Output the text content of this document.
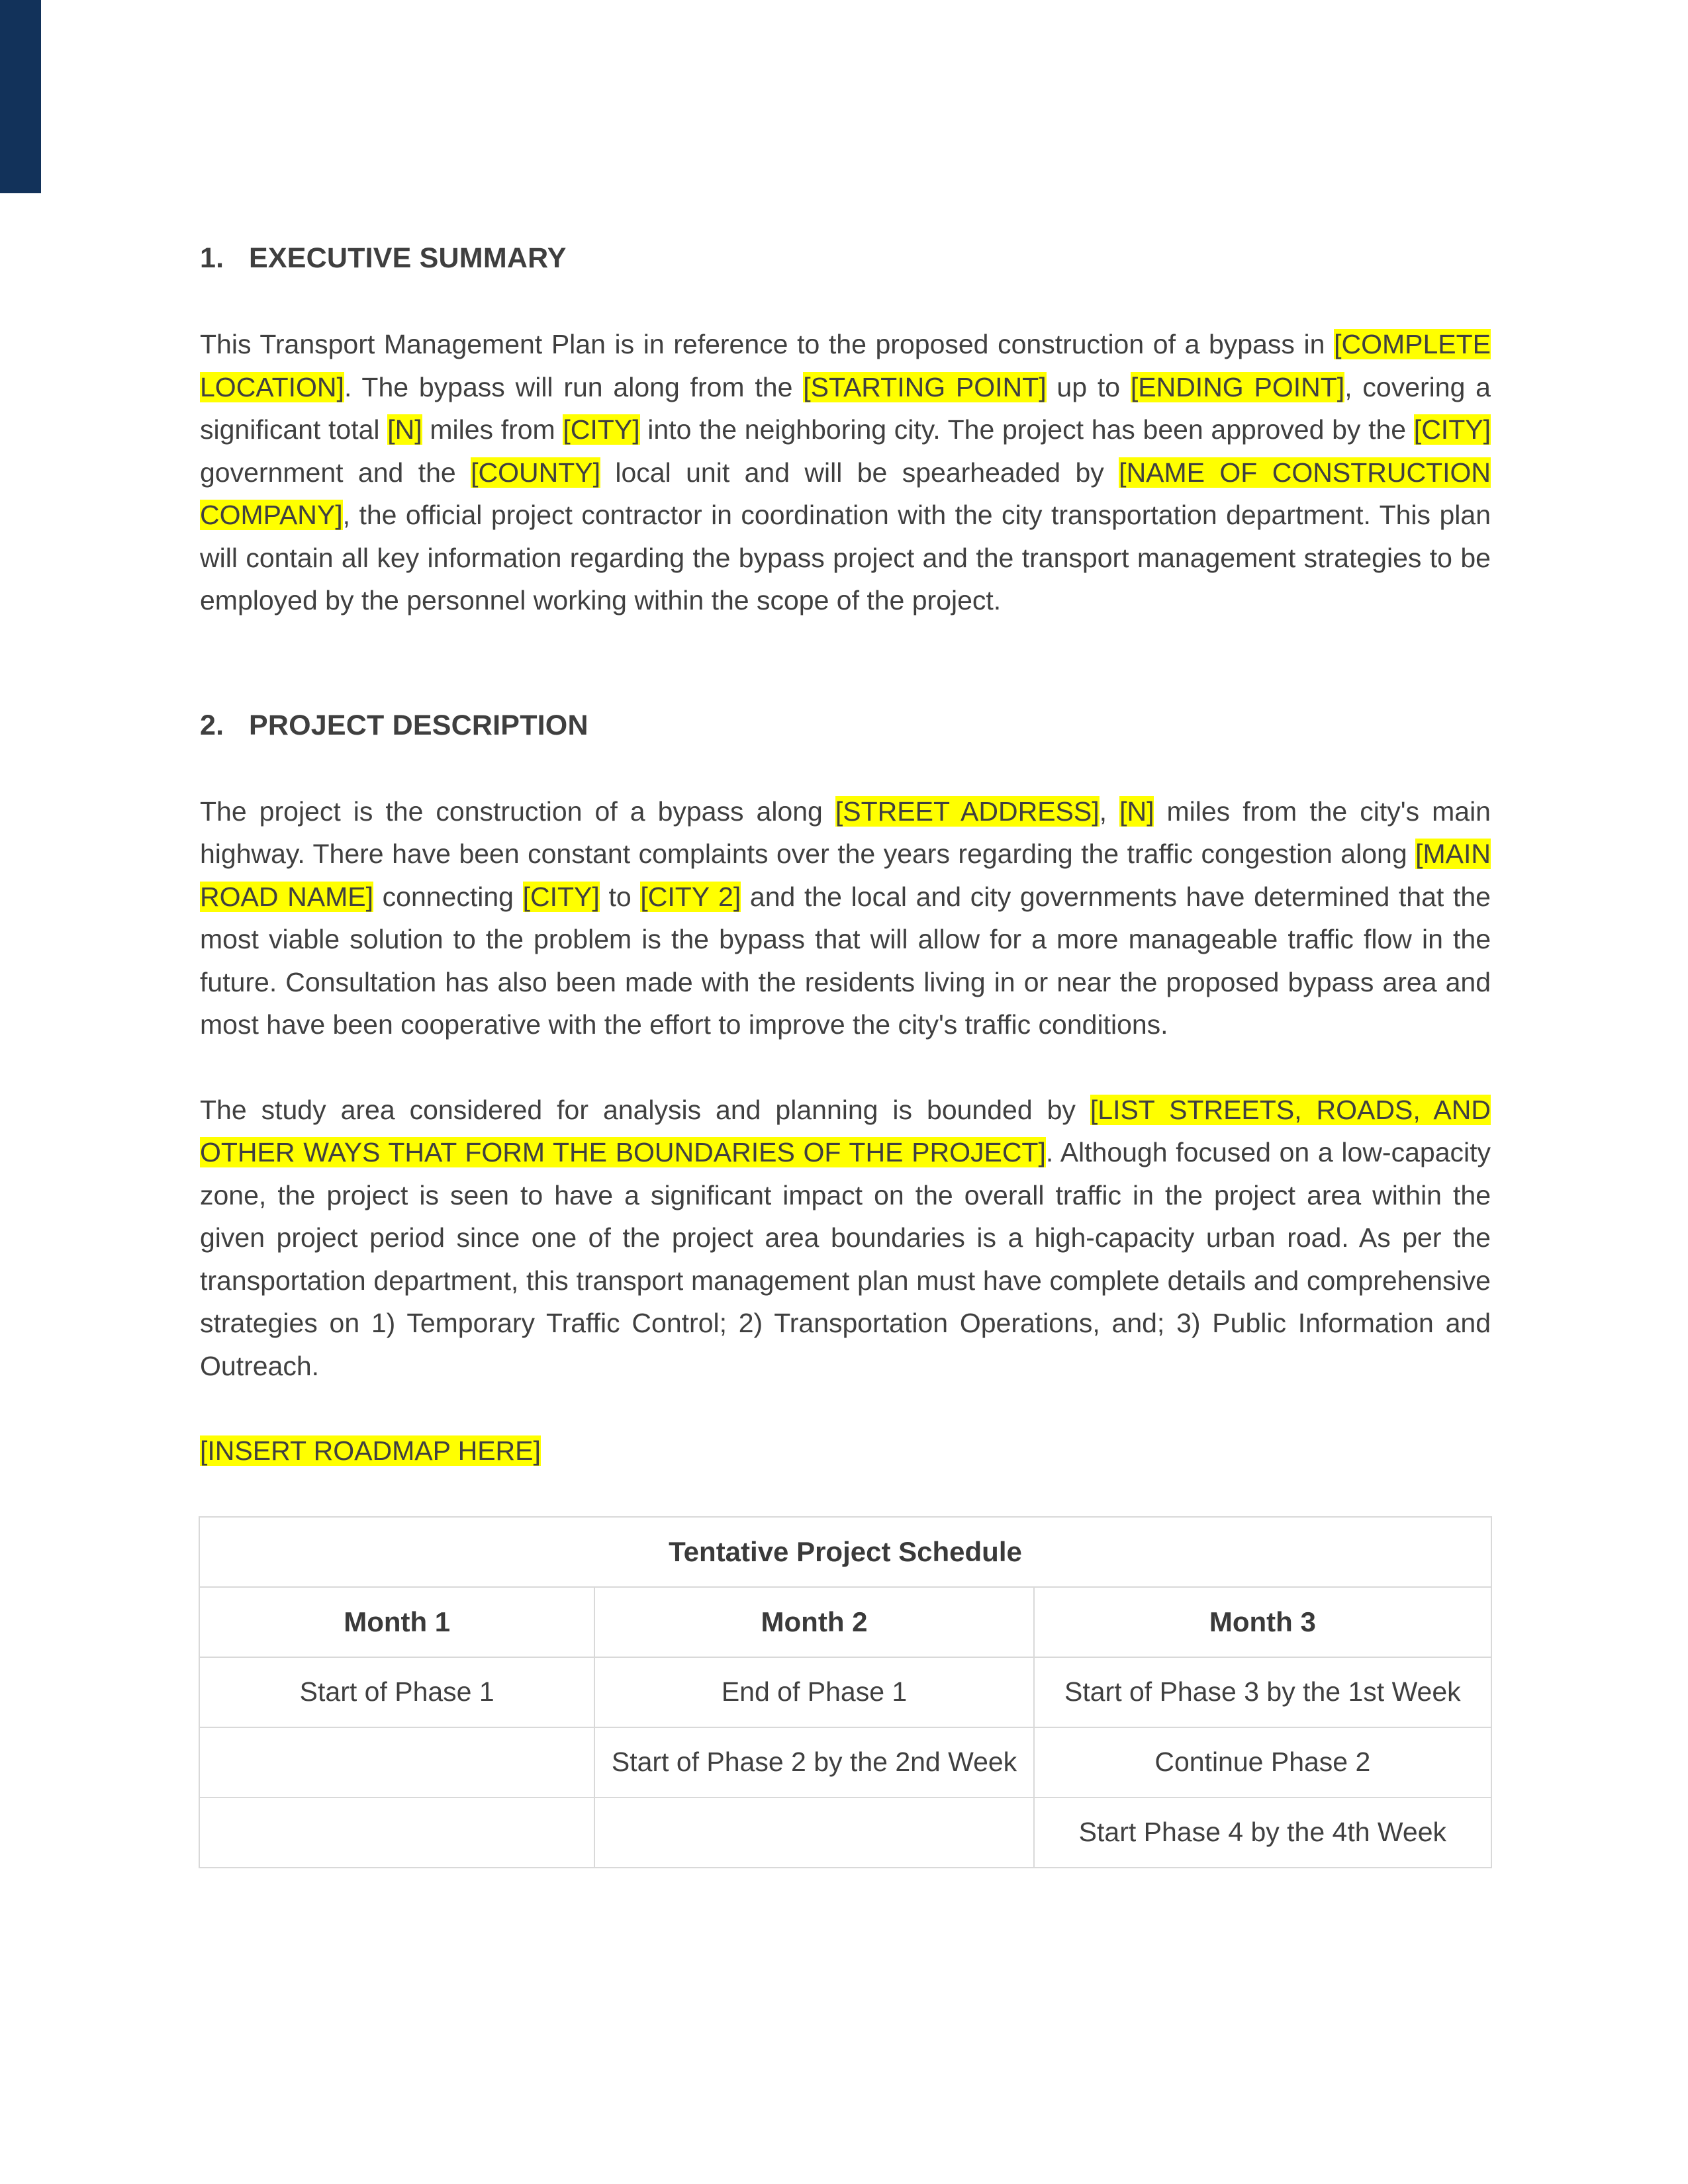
1. EXECUTIVE SUMMARY

This Transport Management Plan is in reference to the proposed construction of a bypass in [COMPLETE LOCATION]. The bypass will run along from the [STARTING POINT] up to [ENDING POINT], covering a significant total [N] miles from [CITY] into the neighboring city. The project has been approved by the [CITY] government and the [COUNTY] local unit and will be spearheaded by [NAME OF CONSTRUCTION COMPANY], the official project contractor in coordination with the city transportation department. This plan will contain all key information regarding the bypass project and the transport management strategies to be employed by the personnel working within the scope of the project.

2. PROJECT DESCRIPTION

The project is the construction of a bypass along [STREET ADDRESS], [N] miles from the city's main highway. There have been constant complaints over the years regarding the traffic congestion along [MAIN ROAD NAME] connecting [CITY] to [CITY 2] and the local and city governments have determined that the most viable solution to the problem is the bypass that will allow for a more manageable traffic flow in the future. Consultation has also been made with the residents living in or near the proposed bypass area and most have been cooperative with the effort to improve the city's traffic conditions.

The study area considered for analysis and planning is bounded by [LIST STREETS, ROADS, AND OTHER WAYS THAT FORM THE BOUNDARIES OF THE PROJECT]. Although focused on a low-capacity zone, the project is seen to have a significant impact on the overall traffic in the project area within the given project period since one of the project area boundaries is a high-capacity urban road. As per the transportation department, this transport management plan must have complete details and comprehensive strategies on 1) Temporary Traffic Control; 2) Transportation Operations, and; 3) Public Information and Outreach.

[INSERT ROADMAP HERE]

Tentative Project Schedule		
Month 1	Month 2	Month 3
Start of Phase 1	End of Phase 1	Start of Phase 3 by the 1st Week
	Start of Phase 2 by the 2nd Week	Continue Phase 2
		Start Phase 4 by the 4th Week
